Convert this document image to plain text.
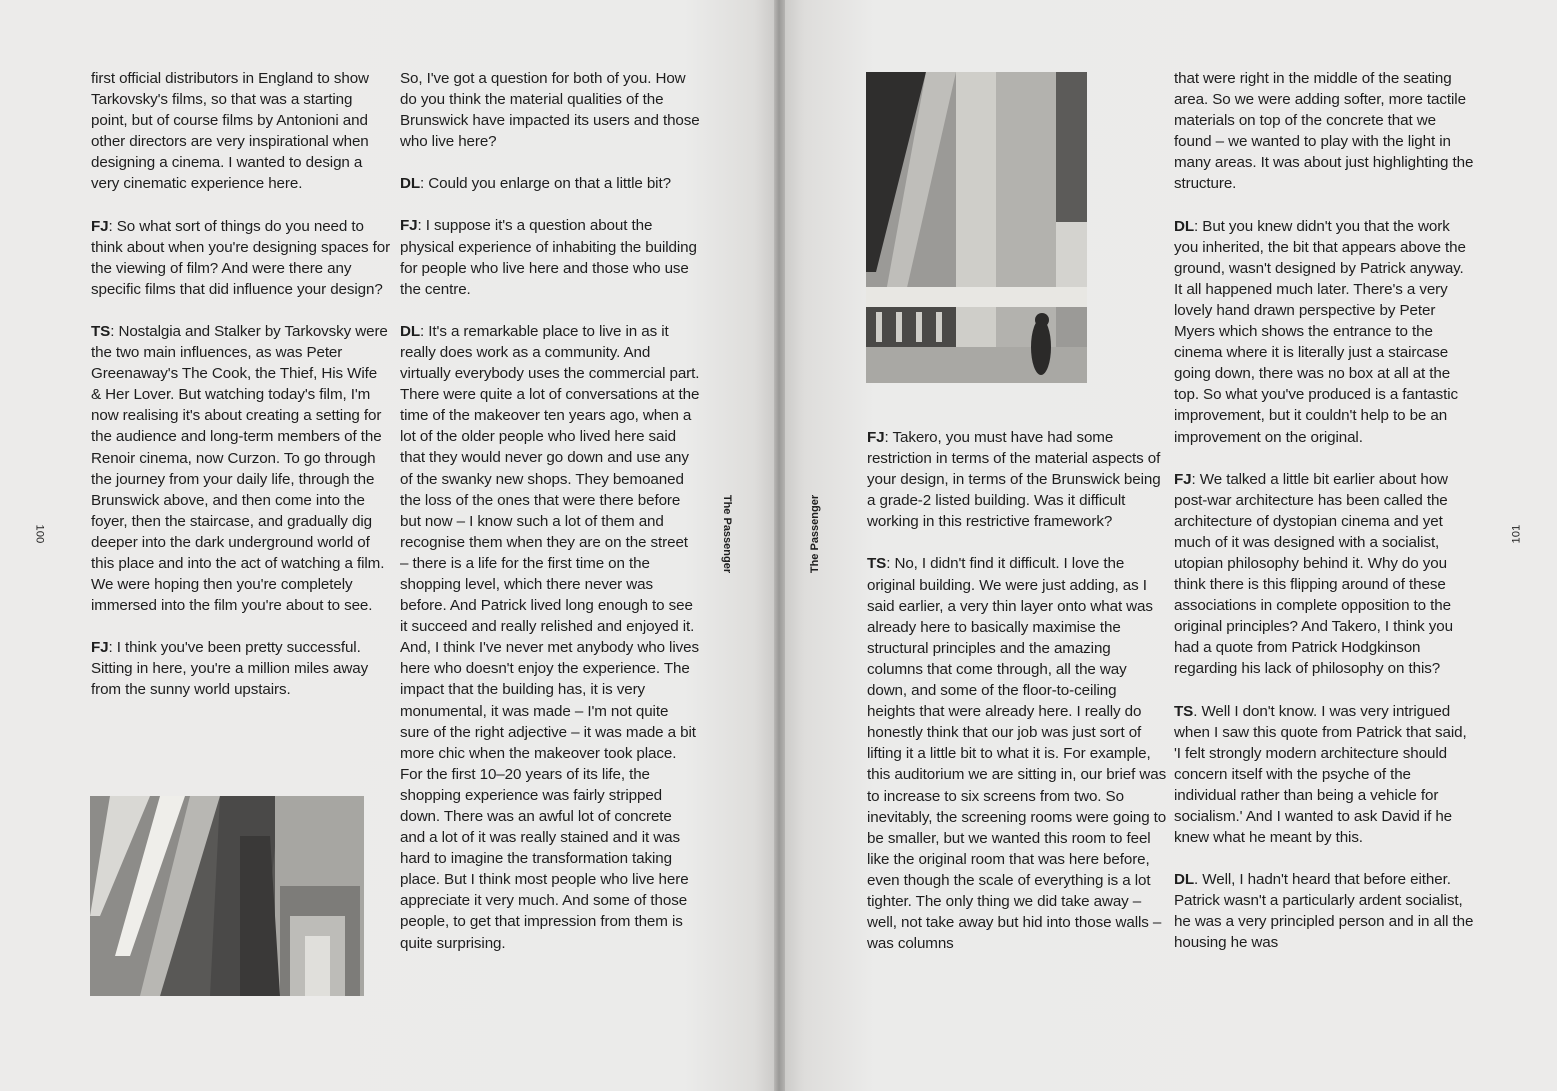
first official distributors in England to show Tarkovsky's films, so that was a starting point, but of course films by Antonioni and other directors are very inspirational when designing a cinema. I wanted to design a very cinematic experience here.

FJ: So what sort of things do you need to think about when you're designing spaces for the viewing of film? And were there any specific films that did influence your design?

TS: Nostalgia and Stalker by Tarkovsky were the two main influences, as was Peter Greenaway's The Cook, the Thief, His Wife & Her Lover. But watching today's film, I'm now realising it's about creating a setting for the audience and long-term members of the Renoir cinema, now Curzon. To go through the journey from your daily life, through the Brunswick above, and then come into the foyer, then the staircase, and gradually dig deeper into the dark underground world of this place and into the act of watching a film. We were hoping then you're completely immersed into the film you're about to see.

FJ: I think you've been pretty successful. Sitting in here, you're a million miles away from the sunny world upstairs.

So, I've got a question for both of you. How do you think the material qualities of the Brunswick have impacted its users and those who live here?

DL: Could you enlarge on that a little bit?

FJ: I suppose it's a question about the physical experience of inhabiting the building for people who live here and those who use the centre.

DL: It's a remarkable place to live in as it really does work as a community. And virtually everybody uses the commercial part. There were quite a lot of conversations at the time of the makeover ten years ago, when a lot of the older people who lived here said that they would never go down and use any of the swanky new shops. They bemoaned the loss of the ones that were there before but now – I know such a lot of them and recognise them when they are on the street – there is a life for the first time on the shopping level, which there never was before. And Patrick lived long enough to see it succeed and really relished and enjoyed it. And, I think I've never met anybody who lives here who doesn't enjoy the experience. The impact that the building has, it is very monumental, it was made – I'm not quite sure of the right adjective – it was made a bit more chic when the makeover took place. For the first 10–20 years of its life, the shopping experience was fairly stripped down. There was an awful lot of concrete and a lot of it was really stained and it was hard to imagine the transformation taking place. But I think most people who live here appreciate it very much. And some of those people, to get that impression from them is quite surprising.

100	The Passenger	The Passenger

FJ: Takero, you must have had some restriction in terms of the material aspects of your design, in terms of the Brunswick being a grade-2 listed building. Was it difficult working in this restrictive framework?

TS: No, I didn't find it difficult. I love the original building. We were just adding, as I said earlier, a very thin layer onto what was already here to basically maximise the structural principles and the amazing columns that come through, all the way down, and some of the floor-to-ceiling heights that were already here. I really do honestly think that our job was just sort of lifting it a little bit to what it is. For example, this auditorium we are sitting in, our brief was to increase to six screens from two. So inevitably, the screening rooms were going to be smaller, but we wanted this room to feel like the original room that was here before, even though the scale of everything is a lot tighter. The only thing we did take away – well, not take away but hid into those walls – was columns

that were right in the middle of the seating area. So we were adding softer, more tactile materials on top of the concrete that we found – we wanted to play with the light in many areas. It was about just highlighting the structure.

DL: But you knew didn't you that the work you inherited, the bit that appears above the ground, wasn't designed by Patrick anyway. It all happened much later. There's a very lovely hand drawn perspective by Peter Myers which shows the entrance to the cinema where it is literally just a staircase going down, there was no box at all at the top. So what you've produced is a fantastic improvement, but it couldn't help to be an improvement on the original.

FJ: We talked a little bit earlier about how post-war architecture has been called the architecture of dystopian cinema and yet much of it was designed with a socialist, utopian philosophy behind it. Why do you think there is this flipping around of these associations in complete opposition to the original principles? And Takero, I think you had a quote from Patrick Hodgkinson regarding his lack of philosophy on this?

TS. Well I don't know. I was very intrigued when I saw this quote from Patrick that said, 'I felt strongly modern architecture should concern itself with the psyche of the individual rather than being a vehicle for socialism.' And I wanted to ask David if he knew what he meant by this.

DL. Well, I hadn't heard that before either. Patrick wasn't a particularly ardent socialist, he was a very principled person and in all the housing he was

101
